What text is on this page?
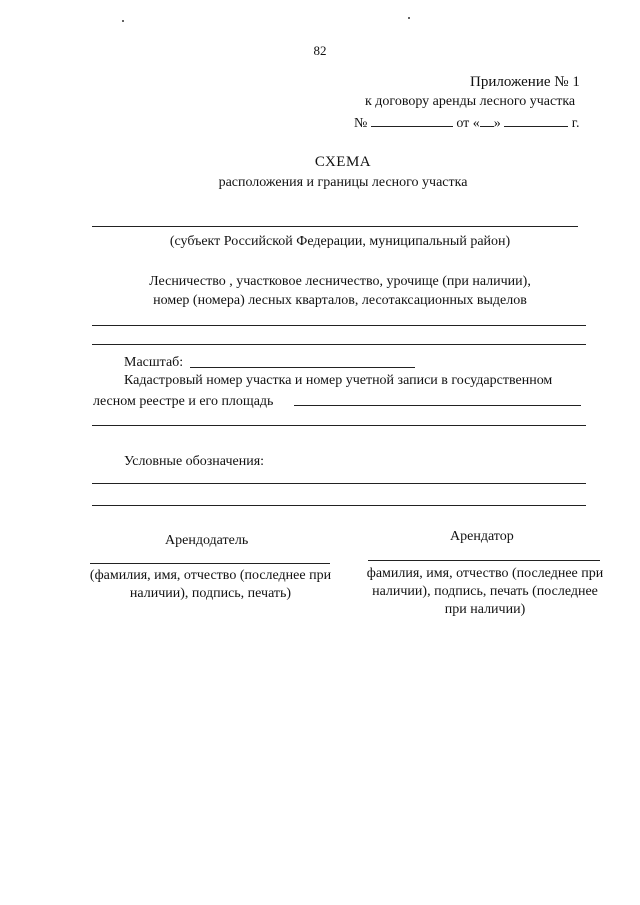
82
Приложение № 1
к договору аренды лесного участка
№	от « »	г.
СХЕМА
расположения и границы лесного участка
(субъект Российской Федерации, муниципальный район)
Лесничество , участковое лесничество, урочище (при наличии),
номер (номера) лесных кварталов, лесотаксационных выделов
Масштаб:
Кадастровый номер участка и номер учетной записи в государственном
лесном реестре и его площадь
Условные обозначения:
Арендодатель	Арендатор
(фамилия, имя, отчество (последнее при наличии), подпись, печать)
фамилия, имя, отчество (последнее при наличии), подпись, печать (последнее при наличии)
